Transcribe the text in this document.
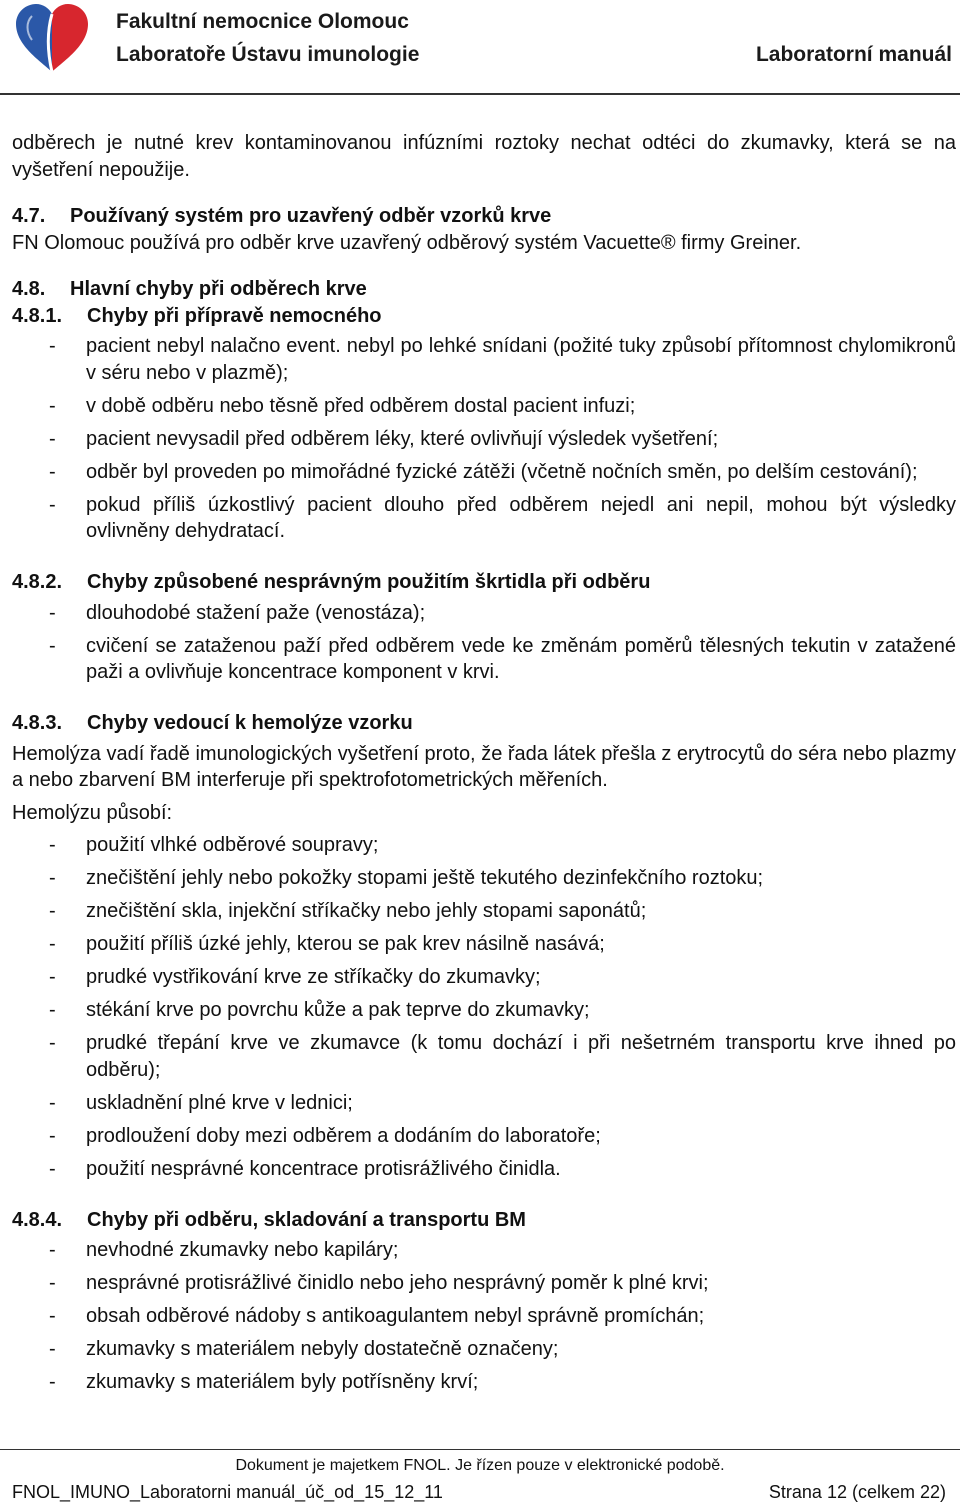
Fakultní nemocnice Olomouc
Laboratoře Ústavu imunologie	Laboratorní manuál

odběrech je nutné krev kontaminovanou infúzními roztoky nechat odtéci do zkumavky, která se na vyšetření nepoužije.

4.7. Používaný systém pro uzavřený odběr vzorků krve

FN Olomouc používá pro odběr krve uzavřený odběrový systém Vacuette® firmy Greiner.

4.8. Hlavní chyby při odběrech krve
4.8.1. Chyby při přípravě nemocného
- pacient nebyl nalačno event. nebyl po lehké snídani (požité tuky způsobí přítomnost chylomikronů v séru nebo v plazmě);
- v době odběru nebo těsně před odběrem dostal pacient infuzi;
- pacient nevysadil před odběrem léky, které ovlivňují výsledek vyšetření;
- odběr byl proveden po mimořádné fyzické zátěži (včetně nočních směn, po delším cestování);
- pokud příliš úzkostlivý pacient dlouho před odběrem nejedl ani nepil, mohou být výsledky ovlivněny dehydratací.
4.8.2. Chyby způsobené nesprávným použitím škrtidla při odběru
- dlouhodobé stažení paže (venostáza);
- cvičení se zataženou paží před odběrem vede ke změnám poměrů tělesných tekutin v zatažené paži a ovlivňuje koncentrace komponent v krvi.
4.8.3. Chyby vedoucí k hemolýze vzorku

Hemolýza vadí řadě imunologických vyšetření proto, že řada látek přešla z erytrocytů do séra nebo plazmy a nebo zbarvení BM interferuje při spektrofotometrických měřeních.

Hemolýzu působí:

- použití vlhké odběrové soupravy;
- znečištění jehly nebo pokožky stopami ještě tekutého dezinfekčního roztoku;
- znečištění skla, injekční stříkačky nebo jehly stopami saponátů;
- použití příliš úzké jehly, kterou se pak krev násilně nasává;
- prudké vystřikování krve ze stříkačky do zkumavky;
- stékání krve po povrchu kůže a pak teprve do zkumavky;
- prudké třepání krve ve zkumavce (k tomu dochází i při nešetrném transportu krve ihned po odběru);
- uskladnění plné krve v lednici;
- prodloužení doby mezi odběrem a dodáním do laboratoře;
- použití nesprávné koncentrace protisrážlivého činidla.
4.8.4. Chyby při odběru, skladování a transportu BM
- nevhodné zkumavky nebo kapiláry;
- nesprávné protisrážlivé činidlo nebo jeho nesprávný poměr k plné krvi;
- obsah odběrové nádoby s antikoagulantem nebyl správně promíchán;
- zkumavky s materiálem nebyly dostatečně označeny;
- zkumavky s materiálem byly potřísněny krví;
Dokument je majetkem FNOL. Je řízen pouze v elektronické podobě.
FNOL_IMUNO_Laboratorni manuál_úč_od_15_12_11	Strana 12 (celkem 22)
